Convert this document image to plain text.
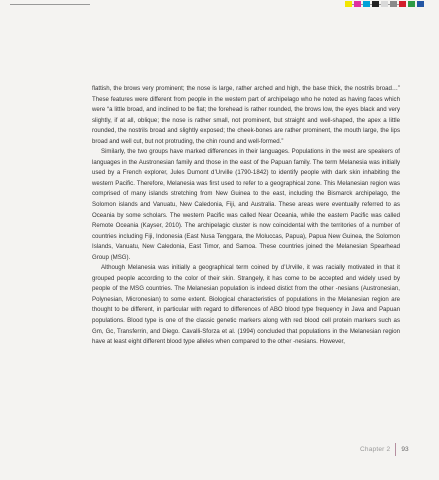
flattish, the brows very prominent; the nose is large, rather arched and high, the base thick, the nostrils broad…” These features were different from people in the western part of archipelago who he noted as having faces which were “a little broad, and inclined to be flat; the forehead is rather rounded, the brows low, the eyes black and very slightly, if at all, oblique; the nose is rather small, not prominent, but straight and well-shaped, the apex a little rounded, the nostrils broad and slightly exposed; the cheek-bones are rather prominent, the mouth large, the lips broad and well cut, but not protruding, the chin round and well-formed.”

Similarly, the two groups have marked differences in their languages. Populations in the west are speakers of languages in the Austronesian family and those in the east of the Papuan family. The term Melanesia was initially used by a French explorer, Jules Dumont d’Urville (1790-1842) to identify people with dark skin inhabiting the western Pacific. Therefore, Melanesia was first used to refer to a geographical zone. This Melanesian region was comprised of many islands stretching from New Guinea to the east, including the Bismarck archipelago, the Solomon islands and Vanuatu, New Caledonia, Fiji, and Australia. These areas were eventually referred to as Oceania by some scholars. The western Pacific was called Near Oceania, while the eastern Pacific was called Remote Oceania (Kayser, 2010). The archipelagic cluster is now coincidental with the territories of a number of countries including Fiji, Indonesia (East Nusa Tenggara, the Moluccas, Papua), Papua New Guinea, the Solomon Islands, Vanuatu, New Caledonia, East Timor, and Samoa. These countries joined the Melanesian Spearhead Group (MSG).

Although Melanesia was initially a geographical term coined by d’Urville, it was racially motivated in that it grouped people according to the color of their skin. Strangely, it has come to be accepted and widely used by people of the MSG countries. The Melanesian population is indeed distict from the other -nesians (Austronesian, Polynesian, Micronesian) to some extent. Biological characteristics of populations in the Melanesian region are thought to be different, in particular with regard to differences of ABO blood type frequency in Java and Papuan populations. Blood type is one of the classic genetic markers along with red blood cell protein markers such as Gm, Gc, Transferrin, and Diego. Cavalli-Sforza et al. (1994) concluded that populations in the Melanesian region have at least eight different blood type alleles when compared to the other -nesians. However,

Chapter 2 93
